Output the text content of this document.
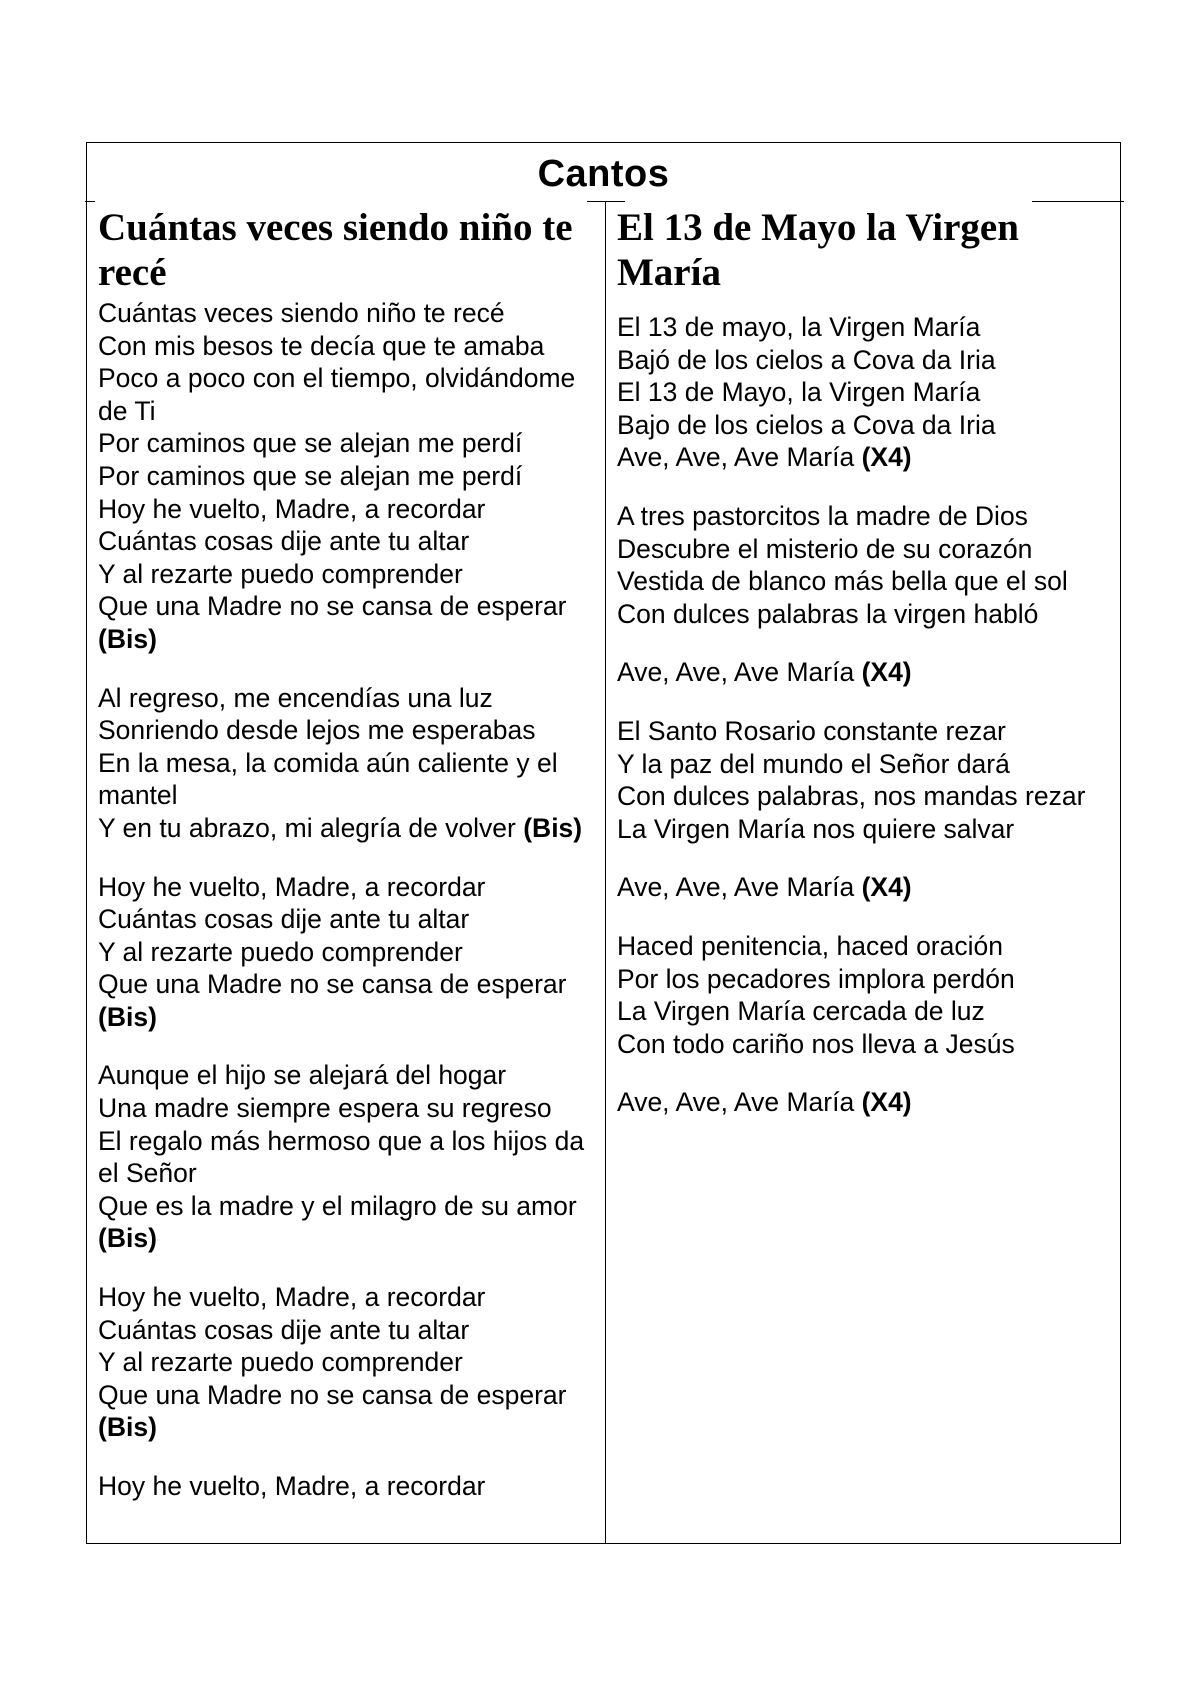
Cantos
Cuántas veces siendo niño te recé
Cuántas veces siendo niño te recé
Con mis besos te decía que te amaba
Poco a poco con el tiempo, olvidándome de Ti
Por caminos que se alejan me perdí
Por caminos que se alejan me perdí
Hoy he vuelto, Madre, a recordar
Cuántas cosas dije ante tu altar
Y al rezarte puedo comprender
Que una Madre no se cansa de esperar (Bis)
Al regreso, me encendías una luz
Sonriendo desde lejos me esperabas
En la mesa, la comida aún caliente y el mantel
Y en tu abrazo, mi alegría de volver (Bis)
Hoy he vuelto, Madre, a recordar
Cuántas cosas dije ante tu altar
Y al rezarte puedo comprender
Que una Madre no se cansa de esperar (Bis)
Aunque el hijo se alejará del hogar
Una madre siempre espera su regreso
El regalo más hermoso que a los hijos da el Señor
Que es la madre y el milagro de su amor (Bis)
Hoy he vuelto, Madre, a recordar
Cuántas cosas dije ante tu altar
Y al rezarte puedo comprender
Que una Madre no se cansa de esperar (Bis)
Hoy he vuelto, Madre, a recordar
El 13 de Mayo la Virgen María
El 13 de mayo, la Virgen María
Bajó de los cielos a Cova da Iria
El 13 de Mayo, la Virgen María
Bajo de los cielos a Cova da Iria
Ave, Ave, Ave María (X4)
A tres pastorcitos la madre de Dios
Descubre el misterio de su corazón
Vestida de blanco más bella que el sol
Con dulces palabras la virgen habló
Ave, Ave, Ave María (X4)
El Santo Rosario constante rezar
Y la paz del mundo el Señor dará
Con dulces palabras, nos mandas rezar
La Virgen María nos quiere salvar
Ave, Ave, Ave María (X4)
Haced penitencia, haced oración
Por los pecadores implora perdón
La Virgen María cercada de luz
Con todo cariño nos lleva a Jesús
Ave, Ave, Ave María (X4)
